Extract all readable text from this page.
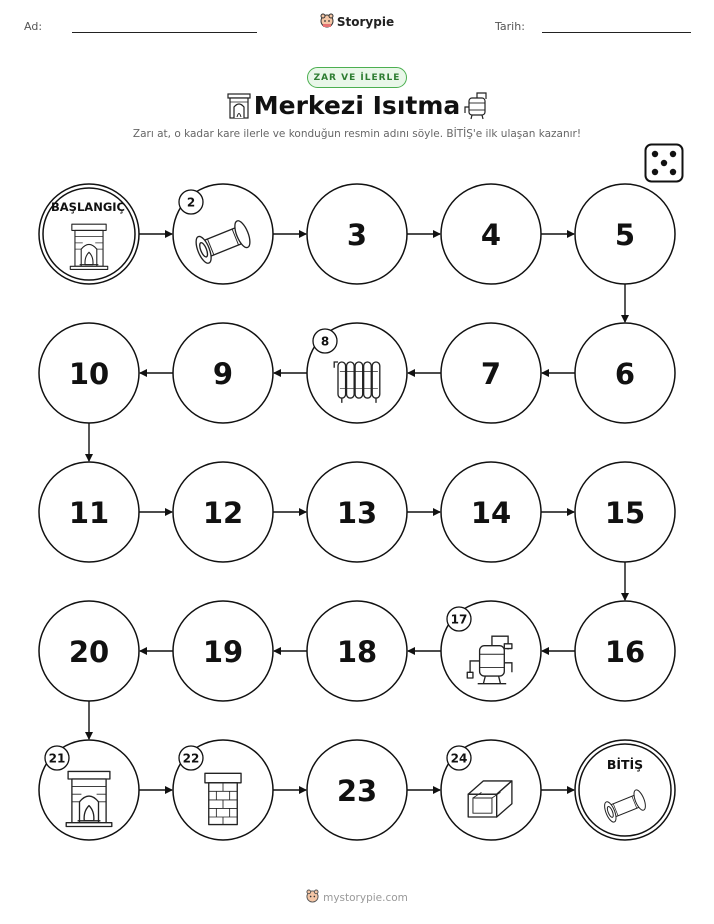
Ad:	Tarih:
Storypie
ZAR VE İLERLE
Merkezi Isıtma
Zarı at, o kadar kare ilerle ve konduğun resmin adını söyle. BİTİŞ'e ilk ulaşan kazanır!
BAŞLANGIÇ	2
3	4	5
6
7
8
9
10
11	12	13	14	15
16
17
18
19
20
21	22
23
24	BİTİŞ
mystorypie.com
